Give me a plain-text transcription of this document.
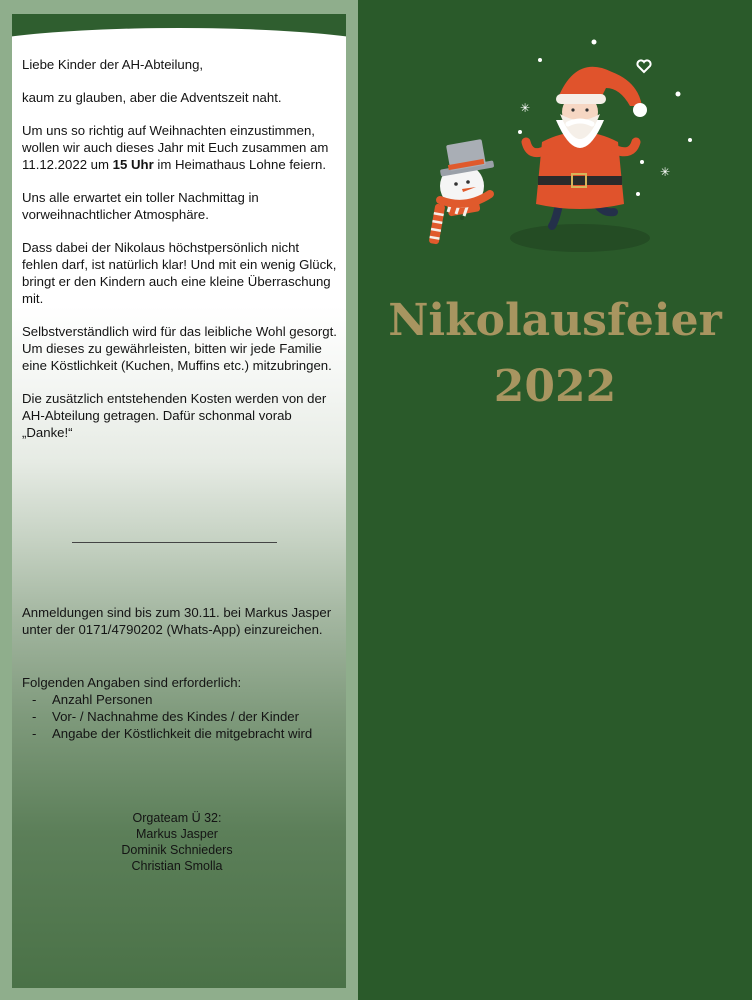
Liebe Kinder der AH-Abteilung,

kaum zu glauben, aber die Adventszeit naht.

Um uns so richtig auf Weihnachten einzustimmen, wollen wir auch dieses Jahr mit Euch zusammen am 11.12.2022 um 15 Uhr im Heimathaus Lohne feiern.

Uns alle erwartet ein toller Nachmittag in vorweihnachtlicher Atmosphäre.

Dass dabei der Nikolaus höchstpersönlich nicht fehlen darf, ist natürlich klar! Und mit ein wenig Glück, bringt er den Kindern auch eine kleine Überraschung mit.

Selbstverständlich wird für das leibliche Wohl gesorgt. Um dieses zu gewährleisten, bitten wir jede Familie eine Köstlichkeit (Kuchen, Muffins etc.) mitzubringen.

Die zusätzlich entstehenden Kosten werden von der AH-Abteilung getragen. Dafür schonmal vorab „Danke!“

Anmeldungen sind bis zum 30.11. bei Markus Jasper unter der 0171/4790202 (Whats-App) einzureichen.
Folgenden Angaben sind erforderlich:
- Anzahl Personen
- Vor- / Nachnahme des Kindes / der Kinder
- Angabe der Köstlichkeit die mitgebracht wird
Orgateam Ü 32:
Markus Jasper
Dominik Schnieders
Christian Smolla
✳
✳
Nikolausfeier
2022
